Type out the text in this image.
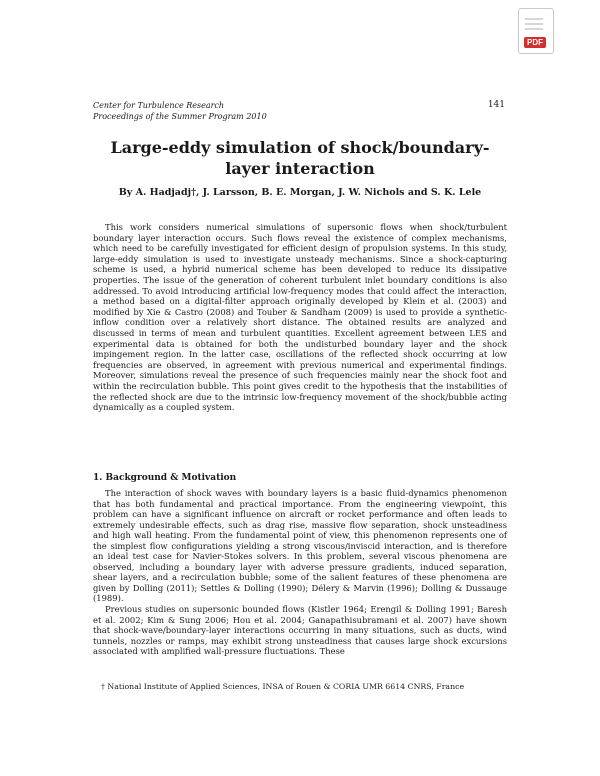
PDF
Center for Turbulence Research
Proceedings of the Summer Program 2010
141
Large-eddy simulation of shock/boundary-layer interaction
By A. Hadjadj†, J. Larsson, B. E. Morgan, J. W. Nichols and S. K. Lele
This work considers numerical simulations of supersonic flows when shock/turbulent boundary layer interaction occurs. Such flows reveal the existence of complex mechanisms, which need to be carefully investigated for efficient design of propulsion systems. In this study, large-eddy simulation is used to investigate unsteady mechanisms. Since a shock-capturing scheme is used, a hybrid numerical scheme has been developed to reduce its dissipative properties. The issue of the generation of coherent turbulent inlet boundary conditions is also addressed. To avoid introducing artificial low-frequency modes that could affect the interaction, a method based on a digital-filter approach originally developed by Klein et al. (2003) and modified by Xie & Castro (2008) and Touber & Sandham (2009) is used to provide a synthetic-inflow condition over a relatively short distance. The obtained results are analyzed and discussed in terms of mean and turbulent quantities. Excellent agreement between LES and experimental data is obtained for both the undisturbed boundary layer and the shock impingement region. In the latter case, oscillations of the reflected shock occurring at low frequencies are observed, in agreement with previous numerical and experimental findings. Moreover, simulations reveal the presence of such frequencies mainly near the shock foot and within the recirculation bubble. This point gives credit to the hypothesis that the instabilities of the reflected shock are due to the intrinsic low-frequency movement of the shock/bubble acting dynamically as a coupled system.
1. Background & Motivation

The interaction of shock waves with boundary layers is a basic fluid-dynamics phenomenon that has both fundamental and practical importance. From the engineering viewpoint, this problem can have a significant influence on aircraft or rocket performance and often leads to extremely undesirable effects, such as drag rise, massive flow separation, shock unsteadiness and high wall heating. From the fundamental point of view, this phenomenon represents one of the simplest flow configurations yielding a strong viscous/inviscid interaction, and is therefore an ideal test case for Navier-Stokes solvers. In this problem, several viscous phenomena are observed, including a boundary layer with adverse pressure gradients, induced separation, shear layers, and a recirculation bubble; some of the salient features of these phenomena are given by Dolling (2011); Settles & Dolling (1990); Délery & Marvin (1996); Dolling & Dussauge (1989).

Previous studies on supersonic bounded flows (Kistler 1964; Erengil & Dolling 1991; Baresh et al. 2002; Kim & Sung 2006; Hou et al. 2004; Ganapathisubramani et al. 2007) have shown that shock-wave/boundary-layer interactions occurring in many situations, such as ducts, wind tunnels, nozzles or ramps, may exhibit strong unsteadiness that causes large shock excursions associated with amplified wall-pressure fluctuations. These

† National Institute of Applied Sciences, INSA of Rouen & CORIA UMR 6614 CNRS, France
